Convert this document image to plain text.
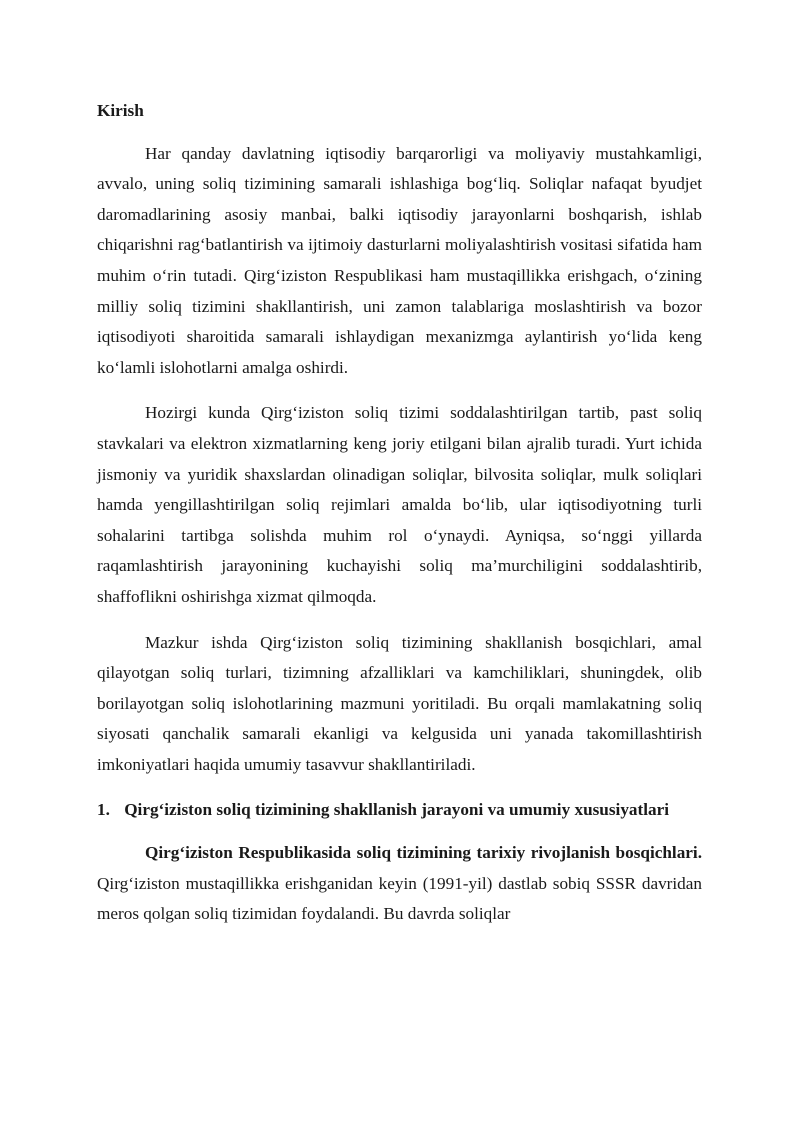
Kirish

Har qanday davlatning iqtisodiy barqarorligi va moliyaviy mustahkamligi, avvalo, uning soliq tizimining samarali ishlashiga bog‘liq. Soliqlar nafaqat byudjet daromadlarining asosiy manbai, balki iqtisodiy jarayonlarni boshqarish, ishlab chiqarishni rag‘batlantirish va ijtimoiy dasturlarni moliyalashtirish vositasi sifatida ham muhim o‘rin tutadi. Qirg‘iziston Respublikasi ham mustaqillikka erishgach, o‘zining milliy soliq tizimini shakllantirish, uni zamon talablariga moslashtirish va bozor iqtisodiyoti sharoitida samarali ishlaydigan mexanizmga aylantirish yo‘lida keng ko‘lamli islohotlarni amalga oshirdi.

Hozirgi kunda Qirg‘iziston soliq tizimi soddalashtirilgan tartib, past soliq stavkalari va elektron xizmatlarning keng joriy etilgani bilan ajralib turadi. Yurt ichida jismoniy va yuridik shaxslardan olinadigan soliqlar, bilvosita soliqlar, mulk soliqlari hamda yengillashtirilgan soliq rejimlari amalda bo‘lib, ular iqtisodiyotning turli sohalarini tartibga solishda muhim rol o‘ynaydi. Ayniqsa, so‘nggi yillarda raqamlashtirish jarayonining kuchayishi soliq ma’murchiligini soddalashtirib, shaffoflikni oshirishga xizmat qilmoqda.

Mazkur ishda Qirg‘iziston soliq tizimining shakllanish bosqichlari, amal qilayotgan soliq turlari, tizimning afzalliklari va kamchiliklari, shuningdek, olib borilayotgan soliq islohotlarining mazmuni yoritiladi. Bu orqali mamlakatning soliq siyosati qanchalik samarali ekanligi va kelgusida uni yanada takomillashtirish imkoniyatlari haqida umumiy tasavvur shakllantiriladi.

1. Qirg‘iziston soliq tizimining shakllanish jarayoni va umumiy xususiyatlari

Qirg‘iziston Respublikasida soliq tizimining tarixiy rivojlanish bosqichlari. Qirg‘iziston mustaqillikka erishganidan keyin (1991-yil) dastlab sobiq SSSR davridan meros qolgan soliq tizimidan foydalandi. Bu davrda soliqlar
